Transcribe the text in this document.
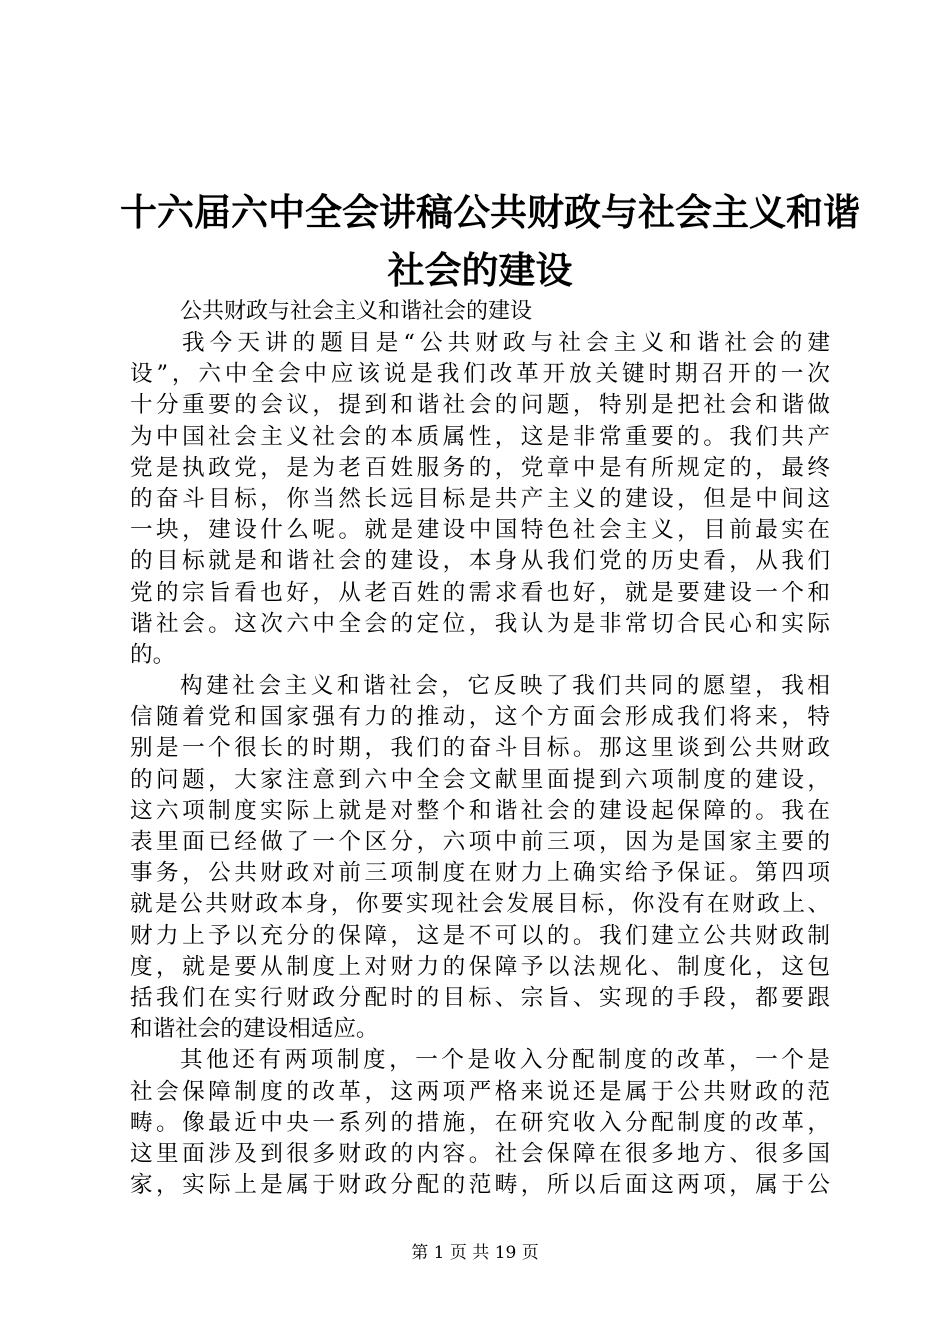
十六届六中全会讲稿公共财政与社会主义和谐
社会的建设
公共财政与社会主义和谐社会的建设
我今天讲的题目是“公共财政与社会主义和谐社会的建
设”，六中全会中应该说是我们改革开放关键时期召开的一次
十分重要的会议，提到和谐社会的问题，特别是把社会和谐做
为中国社会主义社会的本质属性，这是非常重要的。我们共产
党是执政党，是为老百姓服务的，党章中是有所规定的，最终
的奋斗目标，你当然长远目标是共产主义的建设，但是中间这
一块，建设什么呢。就是建设中国特色社会主义，目前最实在
的目标就是和谐社会的建设，本身从我们党的历史看，从我们
党的宗旨看也好，从老百姓的需求看也好，就是要建设一个和
谐社会。这次六中全会的定位，我认为是非常切合民心和实际
的。
构建社会主义和谐社会，它反映了我们共同的愿望，我相
信随着党和国家强有力的推动，这个方面会形成我们将来，特
别是一个很长的时期，我们的奋斗目标。那这里谈到公共财政
的问题，大家注意到六中全会文献里面提到六项制度的建设，
这六项制度实际上就是对整个和谐社会的建设起保障的。我在
表里面已经做了一个区分，六项中前三项，因为是国家主要的
事务，公共财政对前三项制度在财力上确实给予保证。第四项
就是公共财政本身，你要实现社会发展目标，你没有在财政上、
财力上予以充分的保障，这是不可以的。我们建立公共财政制
度，就是要从制度上对财力的保障予以法规化、制度化，这包
括我们在实行财政分配时的目标、宗旨、实现的手段，都要跟
和谐社会的建设相适应。
其他还有两项制度，一个是收入分配制度的改革，一个是
社会保障制度的改革，这两项严格来说还是属于公共财政的范
畴。像最近中央一系列的措施，在研究收入分配制度的改革，
这里面涉及到很多财政的内容。社会保障在很多地方、很多国
家，实际上是属于财政分配的范畴，所以后面这两项，属于公
第 1 页 共 19 页
